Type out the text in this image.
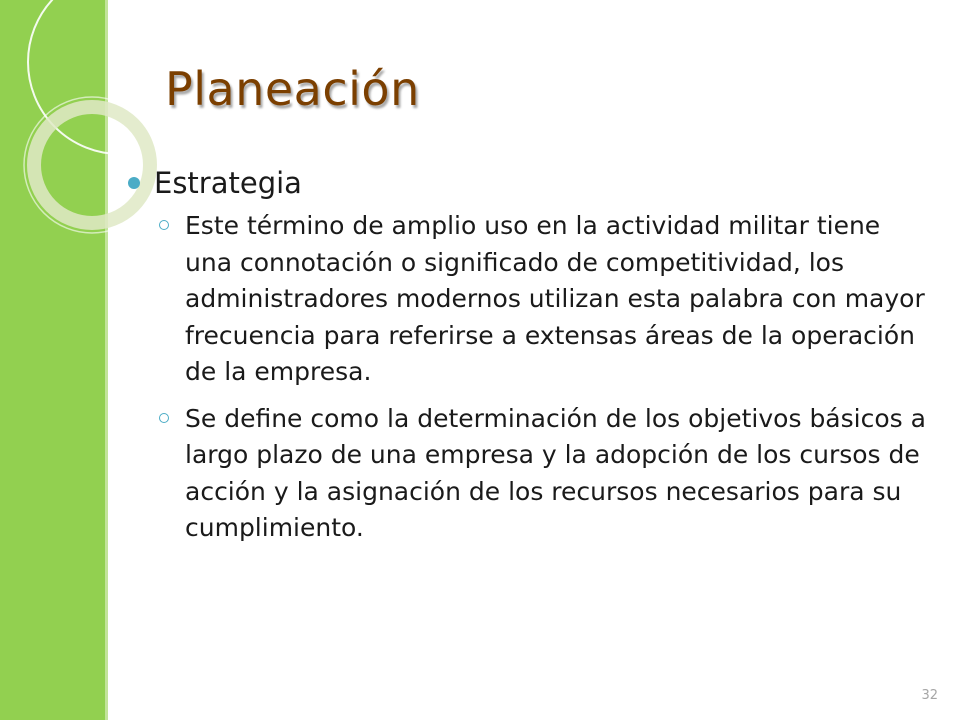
Planeación
Estrategia
Este término de amplio uso en la actividad militar tiene una connotación o significado de competitividad, los administradores modernos utilizan esta palabra con mayor frecuencia para referirse a extensas áreas de la operación de la empresa.
Se define como la determinación de los objetivos básicos a largo plazo de una empresa y la adopción de los cursos de acción y la asignación de los recursos necesarios para su cumplimiento.
32
